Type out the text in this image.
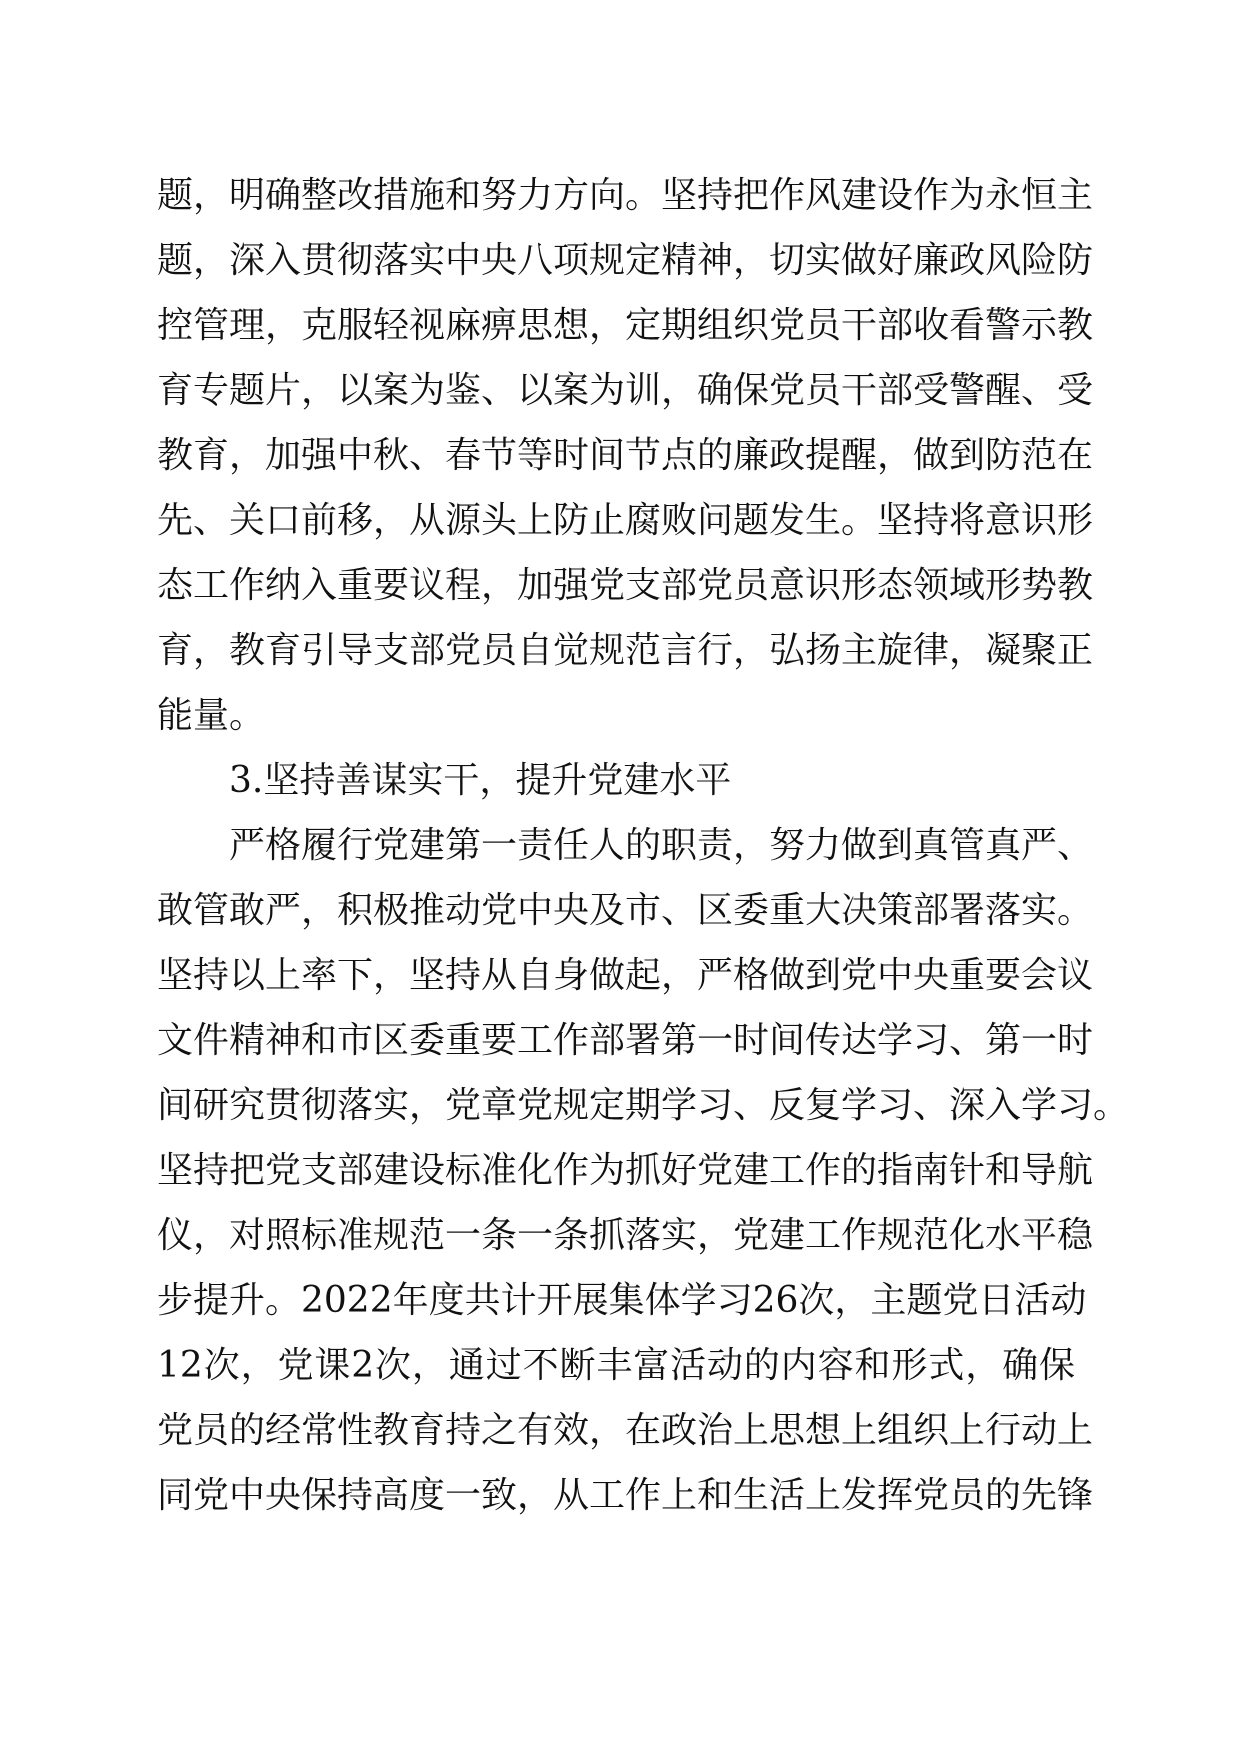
题，明确整改措施和努力方向。坚持把作风建设作为永恒主
题，深入贯彻落实中央八项规定精神，切实做好廉政风险防
控管理，克服轻视麻痹思想，定期组织党员干部收看警示教
育专题片，以案为鉴、以案为训，确保党员干部受警醒、受
教育，加强中秋、春节等时间节点的廉政提醒，做到防范在
先、关口前移，从源头上防止腐败问题发生。坚持将意识形
态工作纳入重要议程，加强党支部党员意识形态领域形势教
育，教育引导支部党员自觉规范言行，弘扬主旋律，凝聚正
能量。
3.坚持善谋实干，提升党建水平
严格履行党建第一责任人的职责，努力做到真管真严、
敢管敢严，积极推动党中央及市、区委重大决策部署落实。
坚持以上率下，坚持从自身做起，严格做到党中央重要会议
文件精神和市区委重要工作部署第一时间传达学习、第一时
间研究贯彻落实，党章党规定期学习、反复学习、深入学习。
坚持把党支部建设标准化作为抓好党建工作的指南针和导航
仪，对照标准规范一条一条抓落实，党建工作规范化水平稳
步提升。2022年度共计开展集体学习26次，主题党日活动
12次，党课2次，通过不断丰富活动的内容和形式，确保
党员的经常性教育持之有效，在政治上思想上组织上行动上
同党中央保持高度一致，从工作上和生活上发挥党员的先锋
